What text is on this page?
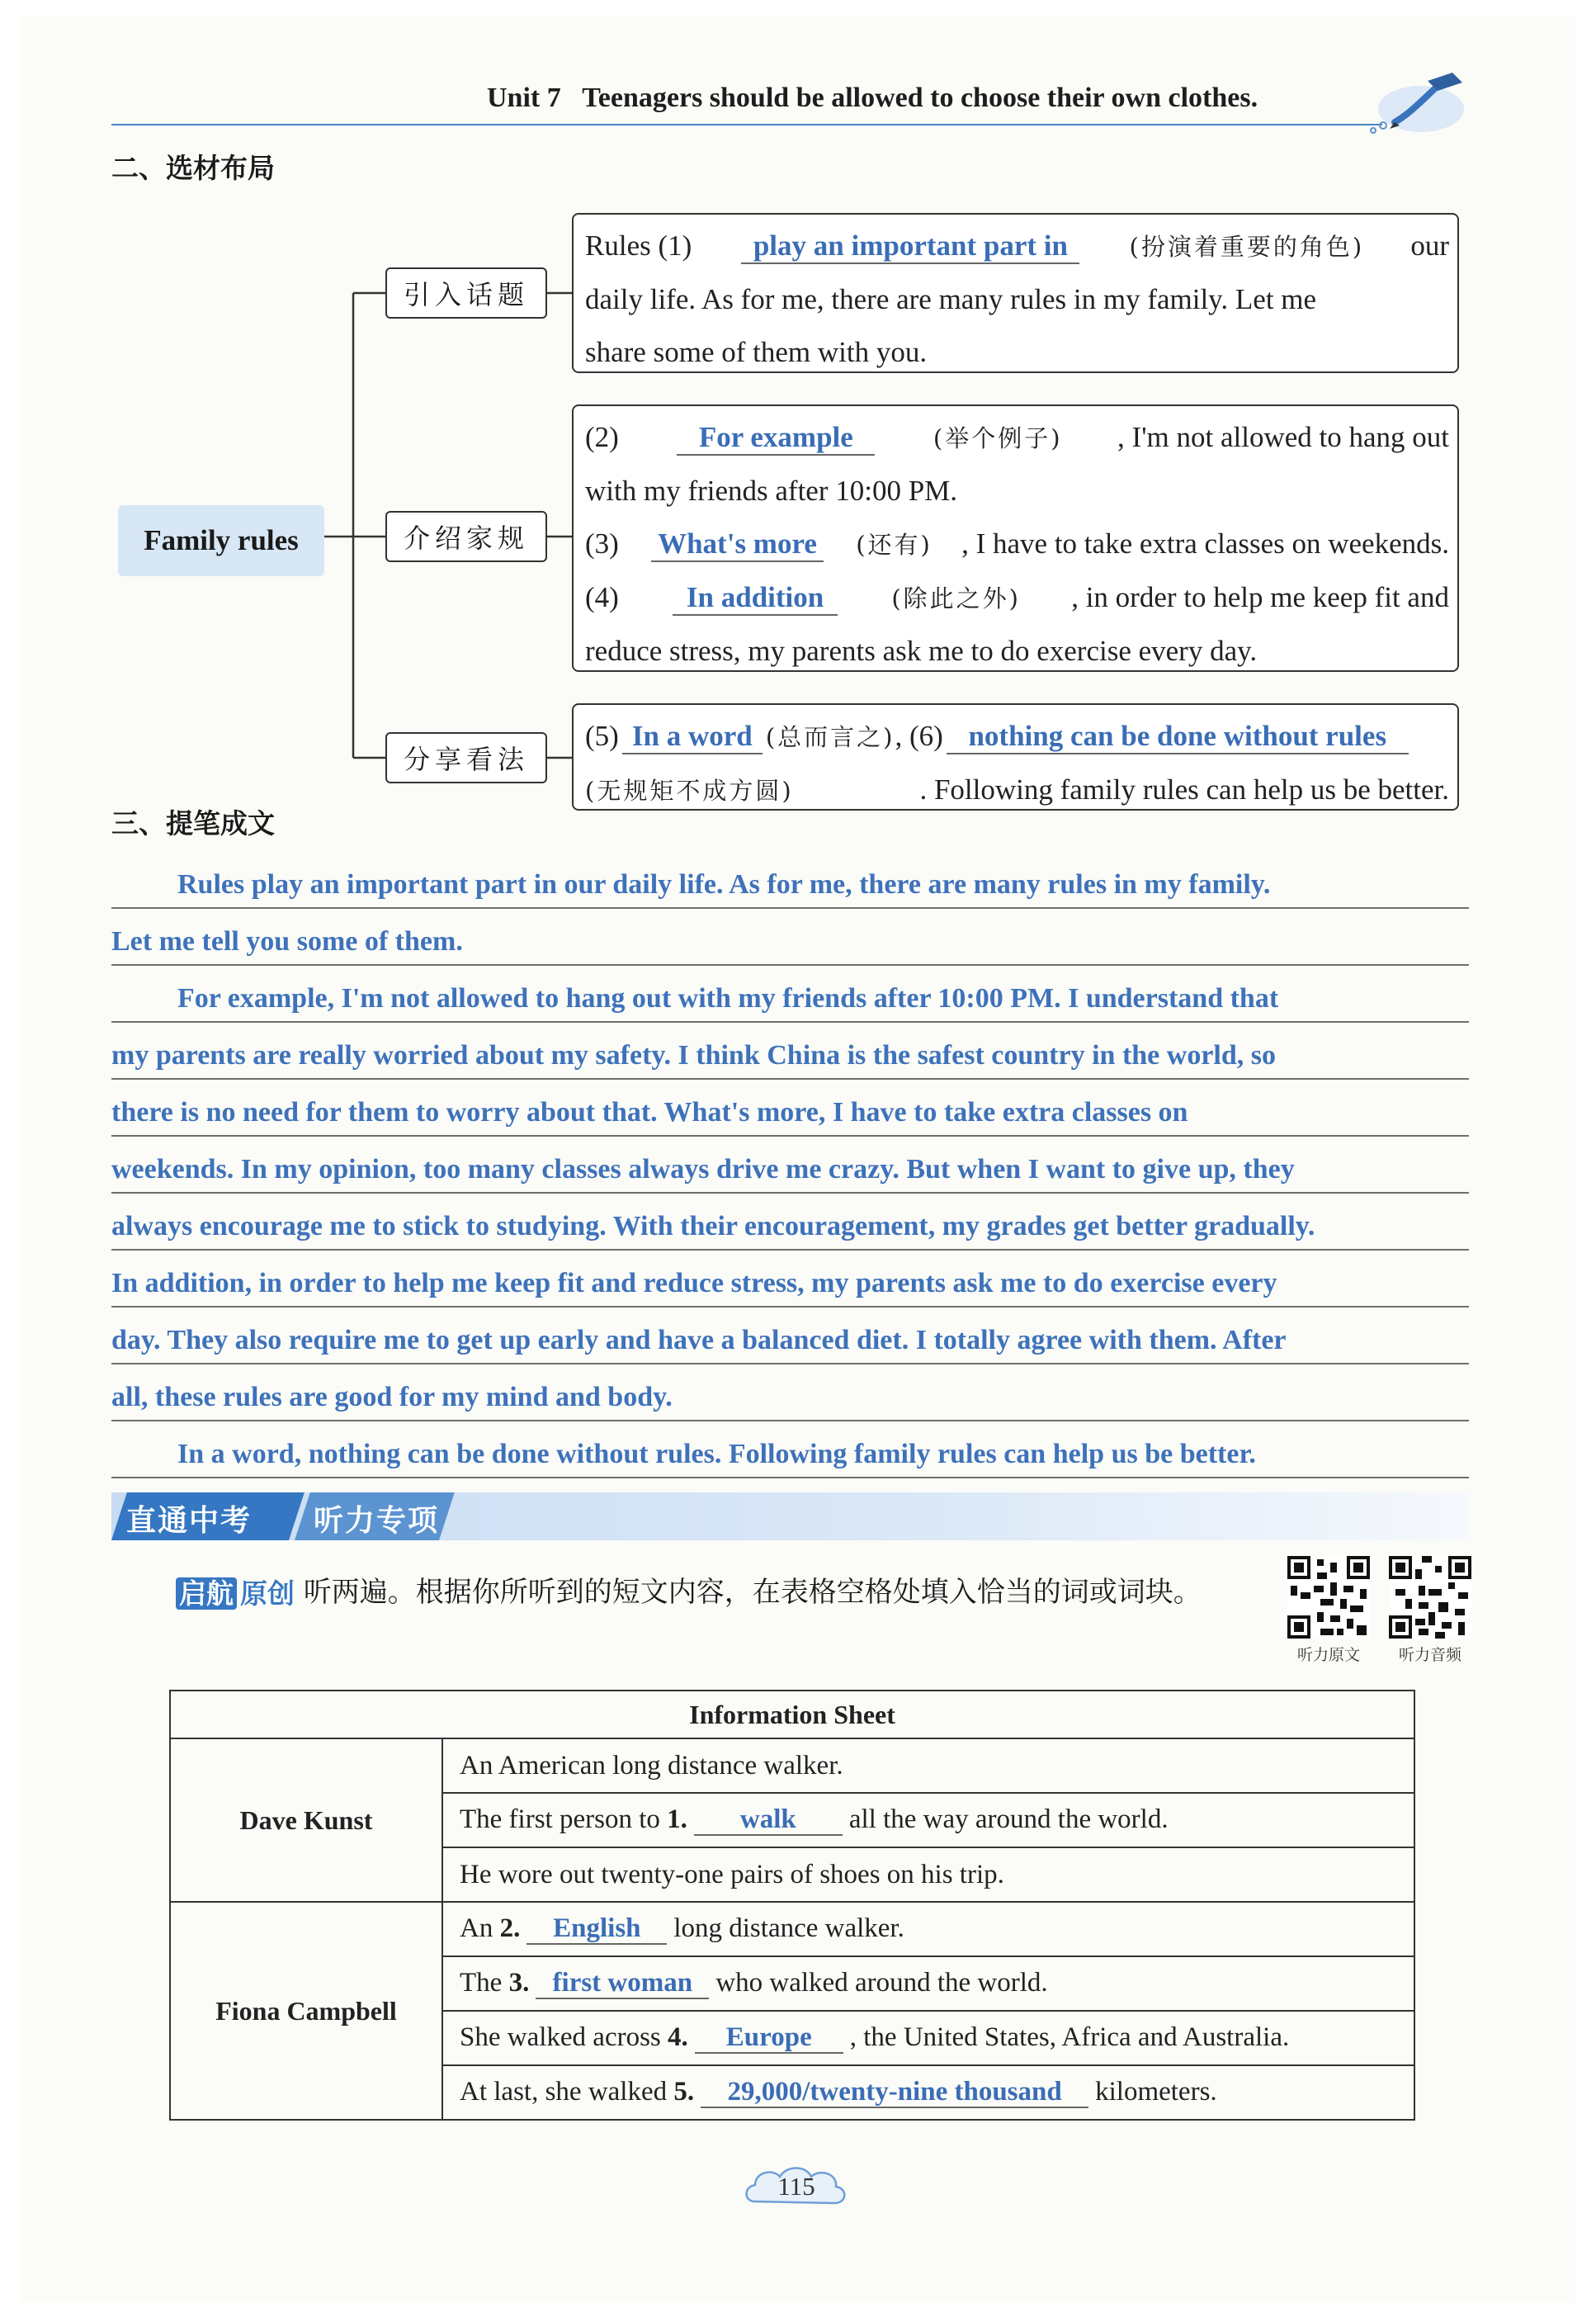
Unit 7 Teenagers should be allowed to choose their own clothes.
二、选材布局
Family rules
引入话题
介绍家规
分享看法
Rules (1)	play an important part in	(扮演着重要的角色) our
daily life. As for me, there are many rules in my family. Let me
share some of them with you.
(2)	For example	(举个例子) , I'm not allowed to hang out
with my friends after 10:00 PM.
(3) What's more (还有) , I have to take extra classes on weekends.
(4)	In addition	(除此之外) , in order to help me keep fit and
reduce stress, my parents ask me to do exercise every day.
(5) In a word (总而言之) , (6) nothing can be done without rules
(无规矩不成方圆)	. Following family rules can help us be better.
三、提笔成文
Rules play an important part in our daily life. As for me, there are many rules in my family.
Let me tell you some of them.
For example, I'm not allowed to hang out with my friends after 10:00 PM. I understand that
my parents are really worried about my safety. I think China is the safest country in the world, so
there is no need for them to worry about that. What's more, I have to take extra classes on
weekends. In my opinion, too many classes always drive me crazy. But when I want to give up, they
always encourage me to stick to studying. With their encouragement, my grades get better gradually.
In addition, in order to help me keep fit and reduce stress, my parents ask me to do exercise every
day. They also require me to get up early and have a balanced diet. I totally agree with them. After
all, these rules are good for my mind and body.
In a word, nothing can be done without rules. Following family rules can help us be better.
直通中考 听力专项
启航 原创 听两遍。根据你所听到的短文内容，在表格空格处填入恰当的词或词块。
听力原文	听力音频
Information Sheet	
Dave Kunst	An American long distance walker.
	The first person to 1. walk all the way around the world.
	He wore out twenty-one pairs of shoes on his trip.
Fiona Campbell	An 2. English long distance walker.
	The 3. first woman who walked around the world.
	She walked across 4. Europe , the United States, Africa and Australia.
	At last, she walked 5. 29,000/twenty-nine thousand kilometers.
115
